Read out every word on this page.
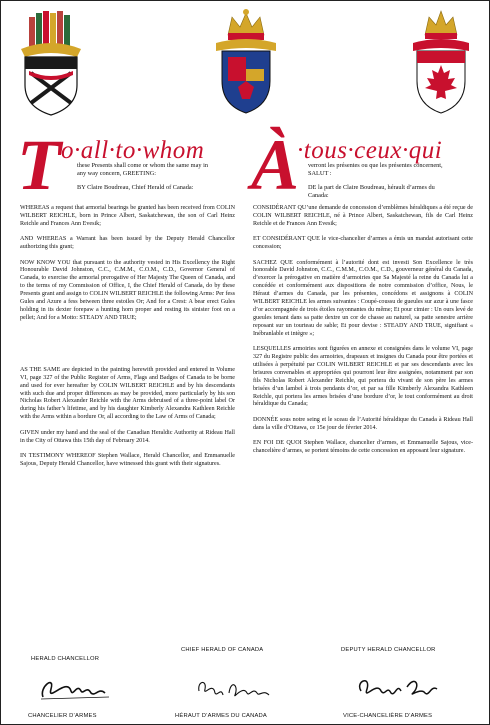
T o·all·to·whom
these Presents shall come or whom the same may in
any way concern, GREETING:
BY Claire Boudreau, Chief Herald of Canada: À
·tous·ceux·qui
verront les présentes ou que les présentes concernent,
SALUT :
DE la part de Claire Boudreau, hérault d’armes du
Canada:

WHEREAS a request that armorial bearings be granted has been received from COLIN WILBERT REICHLE, born in Prince Albert, Saskatchewan, the son of Carl Heinz Reichle and Frances Ann Evesik;

AND WHEREAS a Warrant has been issued by the Deputy Herald Chancellor authorizing this grant;

NOW KNOW YOU that pursuant to the authority vested in His Excellency the Right Honourable David Johnston, C.C., C.M.M., C.O.M., C.D., Governor General of Canada, to exercise the armorial prerogative of Her Majesty The Queen of Canada, and to the terms of my Commission of Office, I, the Chief Herald of Canada, do by these Presents grant and assign to COLIN WILBERT REICHLE the following Arms: Per fess Gules and Azure a fess between three estoiles Or; And for a Crest: A bear erect Gules holding in its dexter forepaw a hunting horn proper and resting its sinister foot on a pellet; And for a Motto: STEADY AND TRUE;

AS THE SAME are depicted in the painting herewith provided and entered in Volume VI, page 327 of the Public Register of Arms, Flags and Badges of Canada to be borne and used for ever hereafter by COLIN WILBERT REICHLE and by his descendants with such due and proper differences as may be provided, more particularly by his son Nicholas Robert Alexander Reichle with the Arms debruised of a three-point label Or during his father’s lifetime, and by his daughter Kimberly Alexandra Kathleen Reichle with the Arms within a bordure Or, all according to the Law of Arms of Canada;

GIVEN under my hand and the seal of the Canadian Heraldic Authority at Rideau Hall in the City of Ottawa this 15th day of February 2014.

IN TESTIMONY WHEREOF Stephen Wallace, Herald Chancellor, and Emmanuelle Sajous, Deputy Herald Chancellor, have witnessed this grant with their signatures.

CONSIDÉRANT QU’une demande de concession d’emblèmes héraldiques a été reçue de COLIN WILBERT REICHLE, né à Prince Albert, Saskatchewan, fils de Carl Heinz Reichle et de Frances Ann Evesik;

ET CONSIDÉRANT QUE le vice-chancelier d’armes a émis un mandat autorisant cette concession;

SACHEZ QUE conformément à l’autorité dont est investi Son Excellence le très honorable David Johnston, C.C., C.M.M., C.O.M., C.D., gouverneur général du Canada, d’exercer la prérogative en matière d’armoiries que Sa Majesté la reine du Canada lui a concédée et conformément aux dispositions de notre commission d’office, Nous, le Héraut d’armes du Canada, par les présentes, concédons et assignons à COLIN WILBERT REICHLE les armes suivantes : Coupé-coussu de gueules sur azur à une fasce d’or accompagnée de trois étoiles rayonnantes du même; Et pour cimier : Un ours levé de gueules tenant dans sa patte dextre un cor de chasse au naturel, sa patte senestre arrière reposant sur un tourteau de sable; Et pour devise : STEADY AND TRUE, signifiant « Inébranlable et intègre »;

LESQUELLES armoiries sont figurées en annexe et consignées dans le volume VI, page 327 du Registre public des armoiries, drapeaux et insignes du Canada pour être portées et utilisées à perpétuité par COLIN WILBERT REICHLE et par ses descendants avec les brisures convenables et appropriées qui pourront leur être assignées, notamment par son fils Nicholas Robert Alexander Reichle, qui portera du vivant de son père les armes brisées d’un lambel à trois pendants d’or, et par sa fille Kimberly Alexandra Kathleen Reichle, qui portera les armes brisées d’une bordure d’or, le tout conformément au droit héraldique du Canada;

DONNÉE sous notre seing et le sceau de l’Autorité héraldique du Canada à Rideau Hall dans la ville d’Ottawa, ce 15e jour de février 2014.

EN FOI DE QUOI Stephen Wallace, chancelier d’armes, et Emmanuelle Sajous, vice-chancelière d’armes, se portent témoins de cette concession en apposant leur signature.

HERALD CHANCELLOR
CHANCELIER D’ARMES
CHIEF HERALD OF CANADA
HÉRAUT D’ARMES DU CANADA
DEPUTY HERALD CHANCELLOR
VICE-CHANCELIÈRE D’ARMES
